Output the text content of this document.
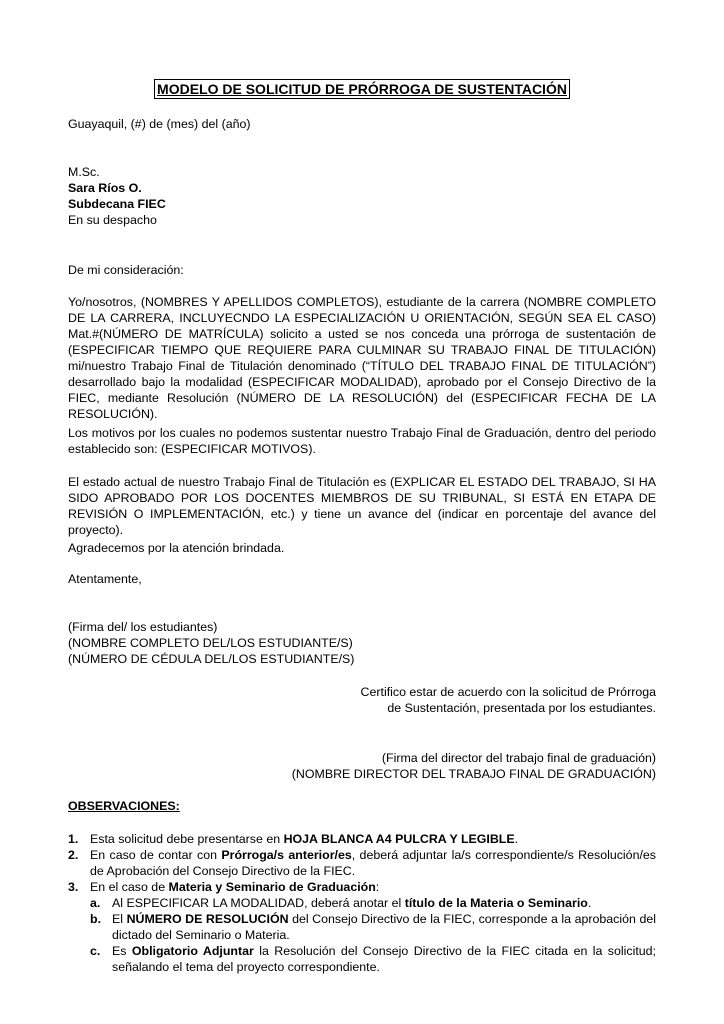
MODELO DE SOLICITUD DE PRÓRROGA DE SUSTENTACIÓN

Guayaquil, (#) de (mes) del (año)

M.Sc.

Sara Ríos O.

Subdecana FIEC

En su despacho

De mi consideración:

Yo/nosotros, (NOMBRES Y APELLIDOS COMPLETOS), estudiante de la carrera (NOMBRE COMPLETO DE LA CARRERA, INCLUYECNDO LA ESPECIALIZACIÓN U ORIENTACIÓN, SEGÚN SEA EL CASO) Mat.#(NÚMERO DE MATRÍCULA) solicito a usted se nos conceda una prórroga de sustentación de (ESPECIFICAR TIEMPO QUE REQUIERE PARA CULMINAR SU TRABAJO FINAL DE TITULACIÓN) mi/nuestro Trabajo Final de Titulación denominado (“TÍTULO DEL TRABAJO FINAL DE TITULACIÓN”) desarrollado bajo la modalidad (ESPECIFICAR MODALIDAD), aprobado por el Consejo Directivo de la FIEC, mediante Resolución (NÚMERO DE LA RESOLUCIÓN) del (ESPECIFICAR FECHA DE LA RESOLUCIÓN).

Los motivos por los cuales no podemos sustentar nuestro Trabajo Final de Graduación, dentro del periodo establecido son: (ESPECIFICAR MOTIVOS).

El estado actual de nuestro Trabajo Final de Titulación es (EXPLICAR EL ESTADO DEL TRABAJO, SI HA SIDO APROBADO POR LOS DOCENTES MIEMBROS DE SU TRIBUNAL, SI ESTÁ EN ETAPA DE REVISIÓN O IMPLEMENTACIÓN, etc.) y tiene un avance del (indicar en porcentaje del avance del proyecto).

Agradecemos por la atención brindada.

Atentamente,

(Firma del/ los estudiantes)

(NOMBRE COMPLETO DEL/LOS ESTUDIANTE/S)

(NÚMERO DE CÉDULA DEL/LOS ESTUDIANTE/S)

Certifico estar de acuerdo con la solicitud de Prórroga

de Sustentación, presentada por los estudiantes.

(Firma del director del trabajo final de graduación)

(NOMBRE DIRECTOR DEL TRABAJO FINAL DE GRADUACIÓN)

OBSERVACIONES:

1. Esta solicitud debe presentarse en HOJA BLANCA A4 PULCRA Y LEGIBLE.
2. En caso de contar con Prórroga/s anterior/es, deberá adjuntar la/s correspondiente/s Resolución/es de Aprobación del Consejo Directivo de la FIEC.
3. En el caso de Materia y Seminario de Graduación:
a. Al ESPECIFICAR LA MODALIDAD, deberá anotar el título de la Materia o Seminario.
b. El NÚMERO DE RESOLUCIÓN del Consejo Directivo de la FIEC, corresponde a la aprobación del dictado del Seminario o Materia.
c. Es Obligatorio Adjuntar la Resolución del Consejo Directivo de la FIEC citada en la solicitud; señalando el tema del proyecto correspondiente.
